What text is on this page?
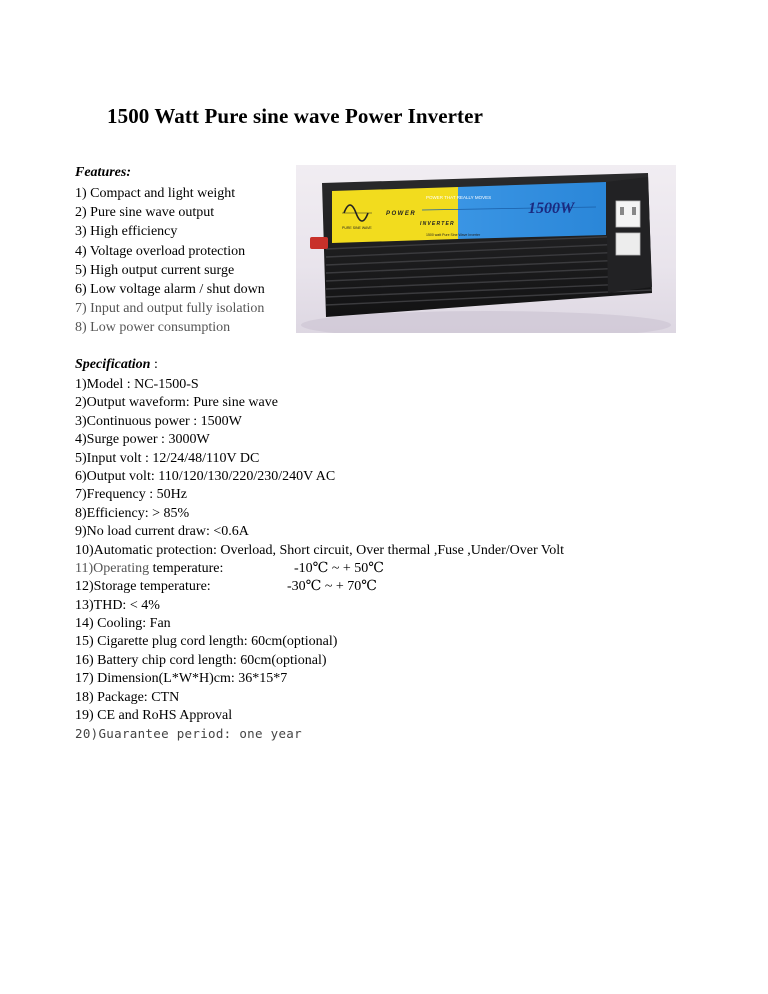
1500 Watt Pure sine wave Power Inverter
Features:
1) Compact and light weight
2) Pure sine wave output
3) High efficiency
4) Voltage overload protection
5) High output current surge
6) Low voltage alarm / shut down
7) Input and output fully isolation
8) Low power consumption
PURE SINE WAVE
POWER
INVERTER
POWER THAT REALLY MOVES
1500W
1500 watt Pure Sine Wave Inverter
Specification :
1)Model : NC-1500-S
2)Output waveform: Pure sine wave
3)Continuous power : 1500W
4)Surge power : 3000W
5)Input volt : 12/24/48/110V DC
6)Output volt: 110/120/130/220/230/240V AC
7)Frequency : 50Hz
8)Efficiency: > 85%
9)No load current draw: <0.6A
10)Automatic protection: Overload, Short circuit, Over thermal ,Fuse ,Under/Over Volt
11)Operating temperature:	-10℃ ~ + 50℃
12)Storage temperature:	-30℃ ~ + 70℃
13)THD: < 4%
14) Cooling: Fan
15) Cigarette plug cord length: 60cm(optional)
16) Battery chip cord length: 60cm(optional)
17) Dimension(L*W*H)cm: 36*15*7
18) Package: CTN
19) CE and RoHS Approval
20)Guarantee period: one year
